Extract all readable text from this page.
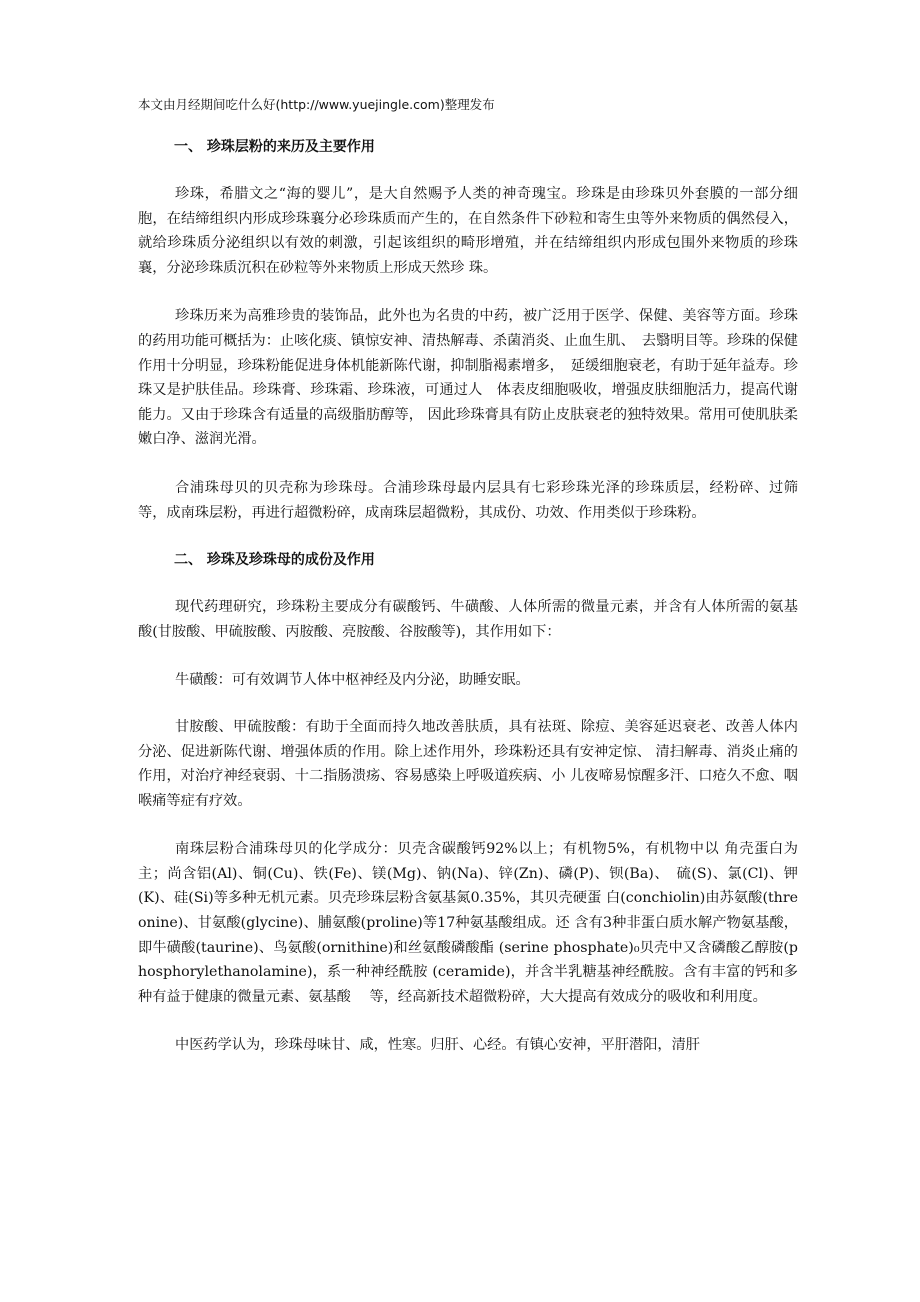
本文由月经期间吃什么好(http://www.yuejingle.com)整理发布
一、 珍珠层粉的来历及主要作用

珍珠，希腊文之“海的婴儿”，是大自然赐予人类的神奇瑰宝。珍珠是由珍珠贝外套膜的一部分细胞，在结缔组织内形成珍珠襄分必珍珠质而产生的，在自然条件下砂粒和寄生虫等外来物质的偶然侵入，就给珍珠质分泌组织以有效的刺激，引起该组织的畸形增殖，并在结缔组织内形成包围外来物质的珍珠襄，分泌珍珠质沉积在砂粒等外来物质上形成天然珍 珠。

珍珠历来为高雅珍贵的装饰品，此外也为名贵的中药，被广泛用于医学、保健、美容等方面。珍珠的药用功能可概括为：止咳化痰、镇惊安神、清热解毒、杀菌消炎、止血生肌、　去翳明目等。珍珠的保健作用十分明显，珍珠粉能促进身体机能新陈代谢，抑制脂褐素增多，　延缓细胞衰老，有助于延年益寿。珍珠又是护肤佳品。珍珠膏、珍珠霜、珍珠液，可通过人　体表皮细胞吸收，增强皮肤细胞活力，提高代谢能力。又由于珍珠含有适量的高级脂肪醇等， 因此珍珠膏具有防止皮肤衰老的独特效果。常用可使肌肤柔嫩白净、滋润光滑。

合浦珠母贝的贝壳称为珍珠母。合浦珍珠母最内层具有七彩珍珠光泽的珍珠质层，经粉碎、过筛等，成南珠层粉，再进行超微粉碎，成南珠层超微粉，其成份、功效、作用类似于珍珠粉。

二、 珍珠及珍珠母的成份及作用

现代药理研究，珍珠粉主要成分有碳酸钙、牛磺酸、人体所需的微量元素，并含有人体所需的氨基酸(甘胺酸、甲硫胺酸、丙胺酸、亮胺酸、谷胺酸等)，其作用如下：

牛磺酸：可有效调节人体中枢神经及内分泌，助睡安眠。

甘胺酸、甲硫胺酸：有助于全面而持久地改善肤质，具有祛斑、除痘、美容延迟衰老、改善人体内分泌、促进新陈代谢、增强体质的作用。除上述作用外，珍珠粉还具有安神定惊、 清扫解毒、消炎止痛的作用，对治疗神经衰弱、十二指肠溃疡、容易感染上呼吸道疾病、小 儿夜啼易惊醒多汗、口疮久不愈、咽喉痛等症有疗效。

南珠层粉合浦珠母贝的化学成分：贝壳含碳酸钙92%以上；有机物5%，有机物中以 角壳蛋白为主；尚含铝(Al)、铜(Cu)、铁(Fe)、镁(Mg)、钠(Na)、锌(Zn)、磷(P)、钡(Ba)、　硫(S)、氯(Cl)、钾(K)、硅(Si)等多种无机元素。贝壳珍珠层粉含氨基氮0.35%，其贝壳硬蛋 白(conchiolin)由苏氨酸(threonine)、甘氨酸(glycine)、脯氨酸(proline)等17种氨基酸组成。还 含有3种非蛋白质水解产物氨基酸，即牛磺酸(taurine)、鸟氨酸(ornithine)和丝氨酸磷酸酯 (serine phosphate)₀贝壳中又含磷酸乙醇胺(phosphorylethanolamine)，系一种神经酰胺 (ceramide)，并含半乳糖基神经酰胺。含有丰富的钙和多种有益于健康的微量元素、氨基酸　 等，经高新技术超微粉碎，大大提高有效成分的吸收和利用度。

中医药学认为，珍珠母味甘、咸，性寒。归肝、心经。有镇心安神，平肝潜阳，清肝
